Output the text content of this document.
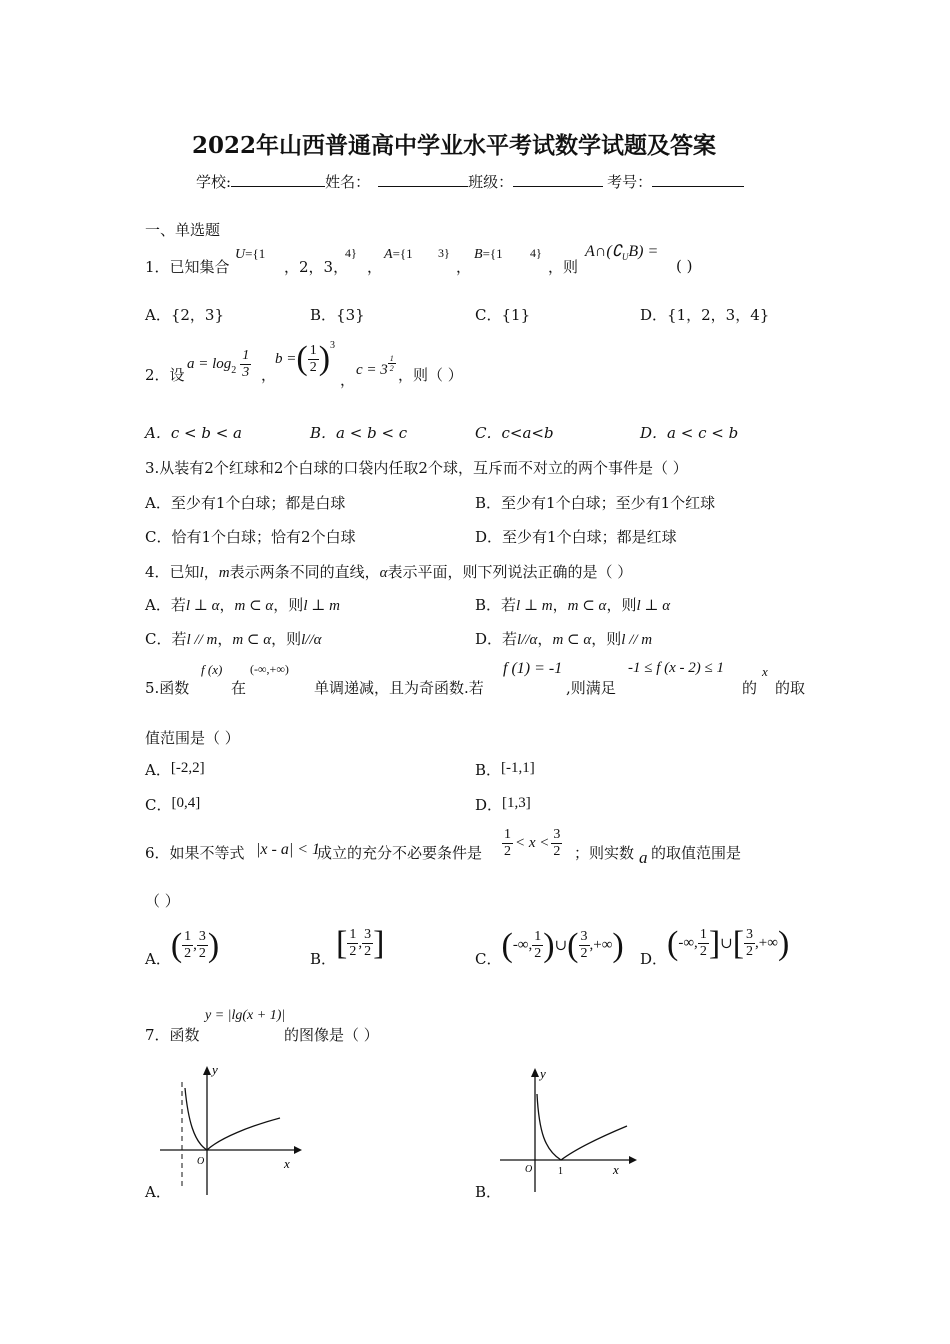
2022年山西普通高中学业水平考试数学试题及答案
学校:	姓名：	班级：	考号：
一、单选题
1．已知集合
U={1
，2，3，
4}
，
A={1 3}
，
B={1 4}
，则
$A\cap(∁_UB)$ =
( )
A．{2，3}	B．{3}	C．{1}	D．{1，2，3，4}
2．设
$a = \log_2 \frac{1}{3}$ ，
b = ( $\frac{1}{2} )^3$
，
$c = 3 \frac{1}{2}$
，则（ ）
A．c < b < a	B．a < b < c	C．c<a<b	D．a < c < b
3.从装有2个红球和2个白球的口袋内任取2个球，互斥而不对立的两个事件是（ ）
A．至少有1个白球；都是白球	B．至少有1个白球；至少有1个红球
C．恰有1个白球；恰有2个白球	D．至少有1个白球；都是红球
4．已知l，m表示两条不同的直线，α表示平面，则下列说法正确的是（ ）
A．若l ⊥ α，m ⊂ α，则l ⊥ m	B．若l ⊥ m，m ⊂ α，则l ⊥ α
C．若l // m，m ⊂ α，则l//α	D．若l//α，m ⊂ α，则l // m
5.函数
f (x)
在
(-∞,+∞)
单调递减，且为奇函数.若
f (1) = -1
,则满足
-1 ≤ f (x - 2) ≤ 1
的
x
的取
值范围是（ ）
A．[-2,2]	B．[-1,1]
C．[0,4]	D．[1,3]
6．如果不等式 |x - a| < 1
成立的充分不必要条件是 $\frac{1}{2} < x < \frac{3}{2}$ ；则实数 a 的取值范围是
（ ）
A． ( $\frac{1}{2}$ , $\frac{3}{2}$ )	B． [ $\frac{1}{2}$ , $\frac{3}{2}$ ]	C． ( -∞, $\frac{1}{2}$ ) ∪ ( $\frac{3}{2}$ ,+∞ ) D． ( -∞, $\frac{1}{2}$ ] ∪ [ $\frac{3}{2}$ ,+∞ )
7．函数
y = |lg(x + 1)|
的图像是（ ）
A．
y
x
O
B．
y
x
O	1
